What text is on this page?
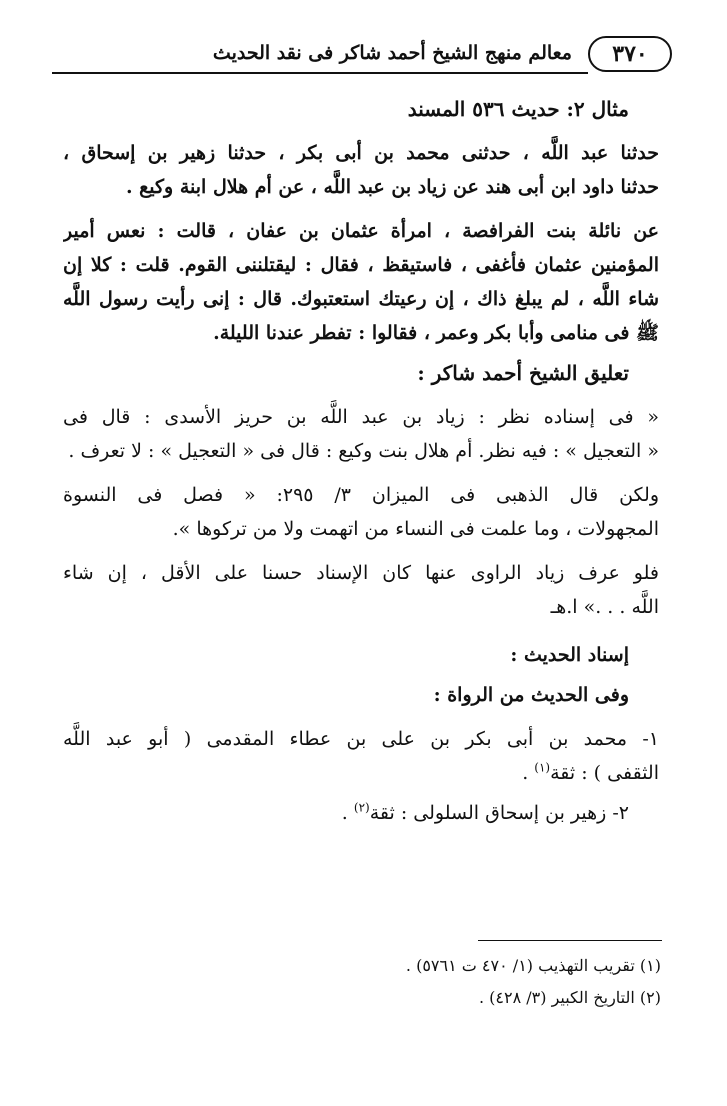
٣٧٠
معالم منهج الشيخ أحمد شاكر فى نقد الحديث
مثال ٢: حديث ٥٣٦ المسند
حدثنا عبد اللَّه ، حدثنى محمد بن أبى بكر ، حدثنا زهير بن إسحاق ،
حدثنا داود ابن أبى هند عن زياد بن عبد اللَّه ، عن أم هلال ابنة وكيع .
عن نائلة بنت الفرافصة ، امرأة عثمان بن عفان ، قالت : نعس أمير
المؤمنين عثمان فأغفى ، فاستيقظ ، فقال : ليقتلننى القوم. قلت : كلا إن
شاء اللَّه ، لم يبلغ ذاك ، إن رعيتك استعتبوك. قال : إنى رأيت رسول اللَّه
ﷺ فى منامى وأبا بكر وعمر ، فقالوا : تفطر عندنا الليلة.
تعليق الشيخ أحمد شاكر :
« فى إسناده نظر : زياد بن عبد اللَّه بن حريز الأسدى : قال فى
« التعجيل » : فيه نظر. أم هلال بنت وكيع : قال فى « التعجيل » : لا تعرف .
ولكن قال الذهبى فى الميزان ٣/ ٢٩٥: « فصل فى النسوة
المجهولات ، وما علمت فى النساء من اتهمت ولا من تركوها ».
فلو عرف زياد الراوى عنها كان الإسناد حسنا على الأقل ، إن شاء
اللَّه . . .» ا.هـ
إسناد الحديث :
وفى الحديث من الرواة :
١- محمد بن أبى بكر بن على بن عطاء المقدمى ( أبو عبد اللَّه
الثقفى ) : ثقة$^{(١)}$ .
٢- زهير بن إسحاق السلولى : ثقة$^{(٢)}$ .
(١) تقريب التهذيب (١/ ٤٧٠ ت ٥٧٦١) .
(٢) التاريخ الكبير (٣/ ٤٢٨) .
